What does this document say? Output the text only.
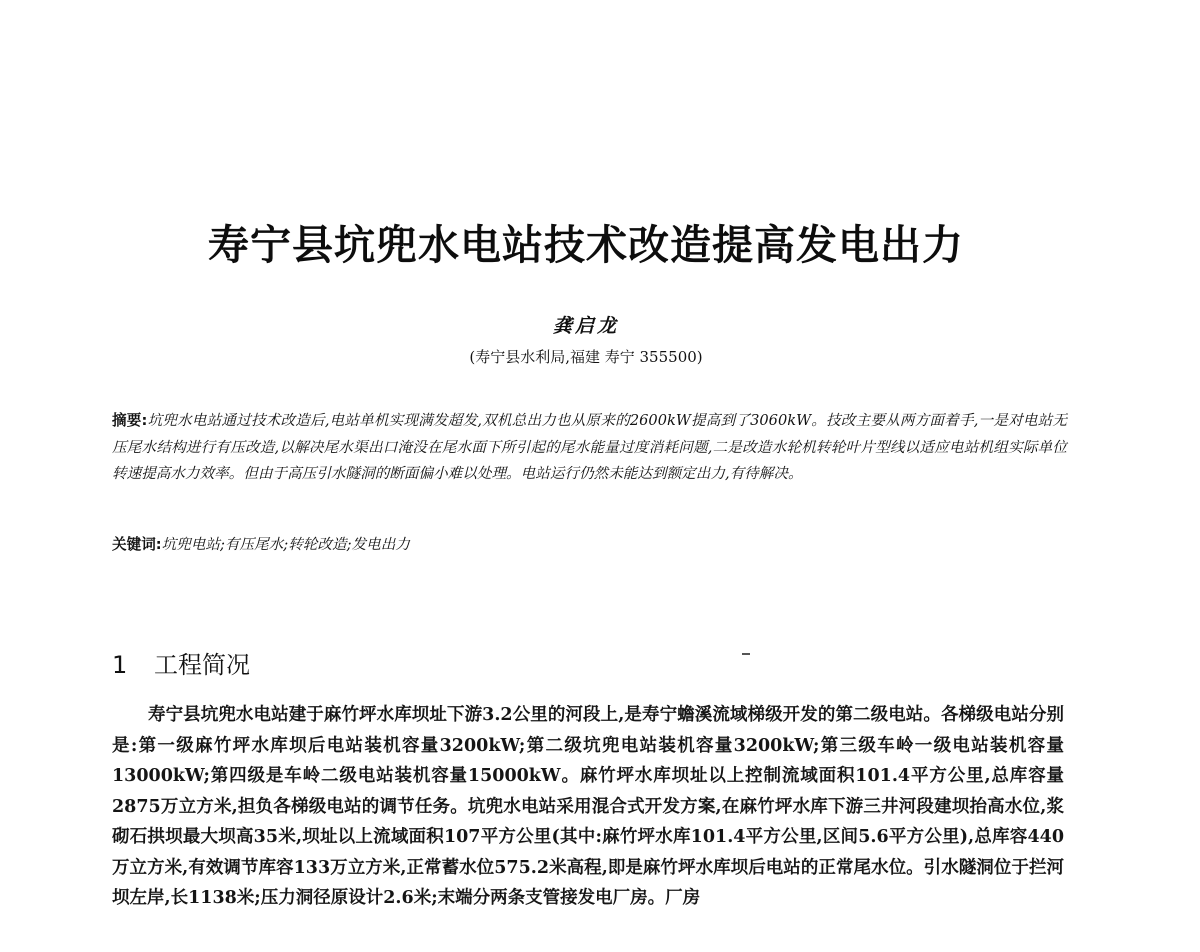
寿宁县坑兜水电站技术改造提高发电出力
龚启龙
(寿宁县水利局,福建 寿宁 355500)

摘要:坑兜水电站通过技术改造后,电站单机实现满发超发,双机总出力也从原来的2600kW提高到了3060kW。技改主要从两方面着手,一是对电站无压尾水结构进行有压改造,以解决尾水渠出口淹没在尾水面下所引起的尾水能量过度消耗问题,二是改造水轮机转轮叶片型线以适应电站机组实际单位转速提高水力效率。但由于高压引水隧洞的断面偏小难以处理。电站运行仍然未能达到额定出力,有待解决。

关键词:坑兜电站;有压尾水;转轮改造;发电出力

1 工程简况

寿宁县坑兜水电站建于麻竹坪水库坝址下游3.2公里的河段上,是寿宁蟾溪流域梯级开发的第二级电站。各梯级电站分别是:第一级麻竹坪水库坝后电站装机容量3200kW;第二级坑兜电站装机容量3200kW;第三级车岭一级电站装机容量13000kW;第四级是车岭二级电站装机容量15000kW。麻竹坪水库坝址以上控制流域面积101.4平方公里,总库容量2875万立方米,担负各梯级电站的调节任务。坑兜水电站采用混合式开发方案,在麻竹坪水库下游三井河段建坝抬高水位,浆砌石拱坝最大坝高35米,坝址以上流域面积107平方公里(其中:麻竹坪水库101.4平方公里,区间5.6平方公里),总库容440万立方米,有效调节库容133万立方米,正常蓄水位575.2米高程,即是麻竹坪水库坝后电站的正常尾水位。引水隧洞位于拦河坝左岸,长1138米;压力洞径原设计2.6米;末端分两条支管接发电厂房。厂房
